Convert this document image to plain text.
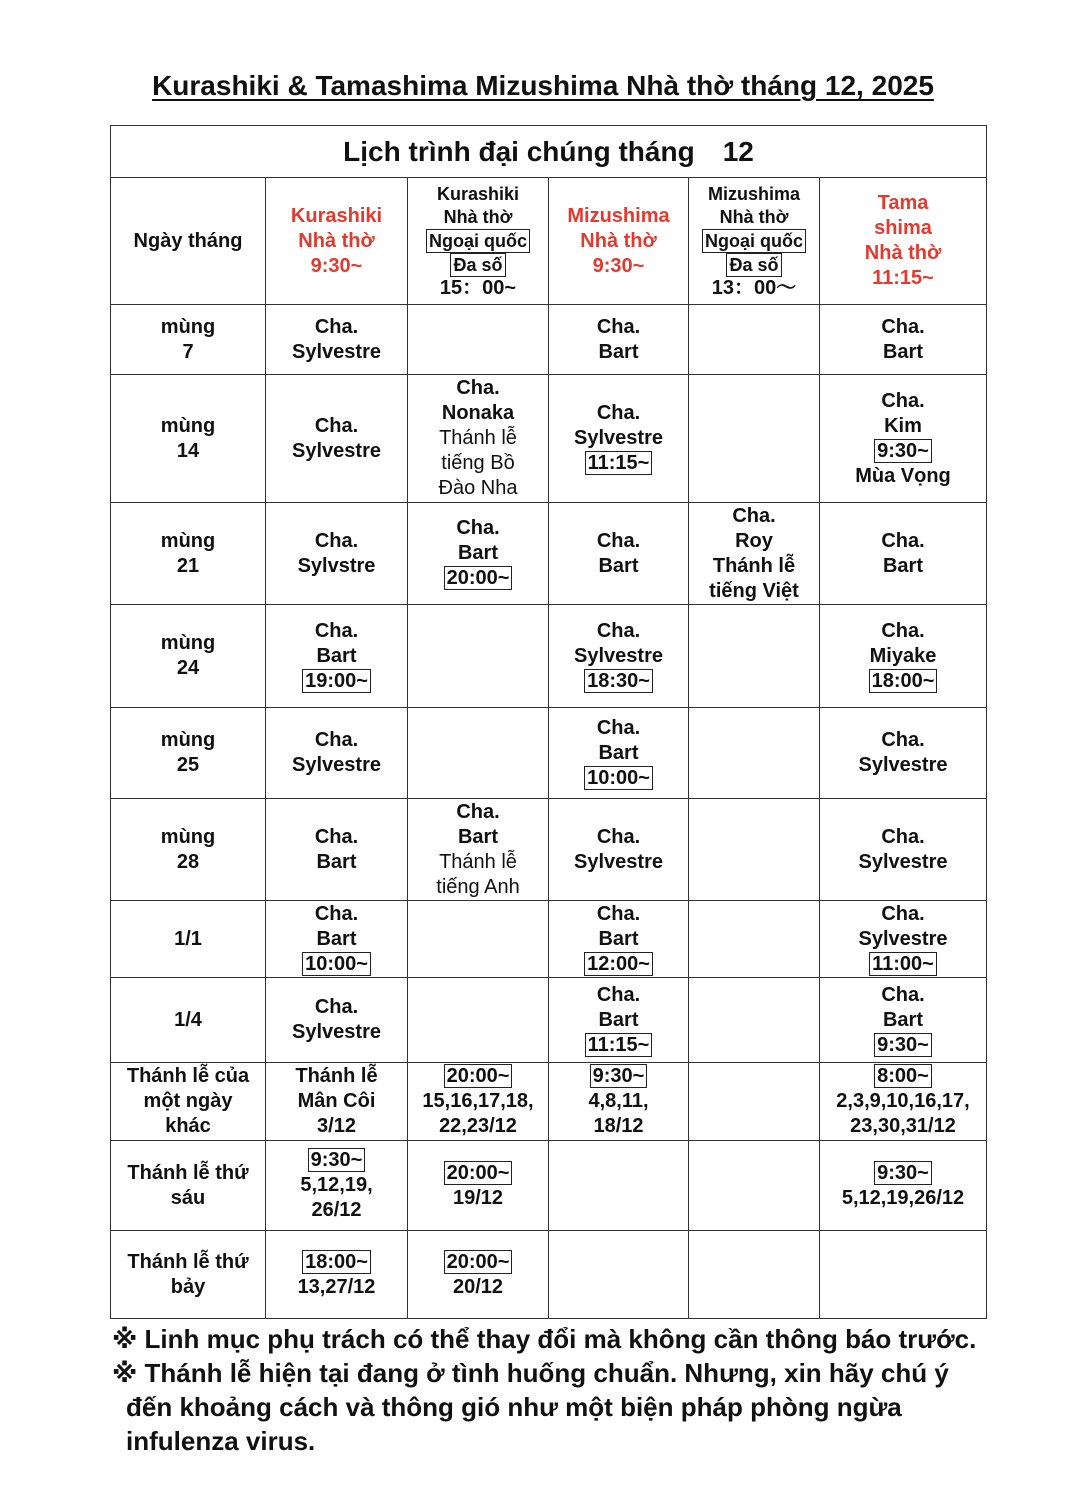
Kurashiki & Tamashima Mizushima Nhà thờ tháng 12, 2025
Lịch trình đại chúng tháng　12					
Ngày tháng	Kurashiki
Nhà thờ
9:30~	Kurashiki
Nhà thờ
Ngoại quốc
Đa số
15：00~	Mizushima
Nhà thờ
9:30~	Mizushima
Nhà thờ
Ngoại quốc
Đa số
13：00～	Tama
shima
Nhà thờ
11:15~

mùng
7	Cha.
Sylvestre		Cha.
Bart		Cha.
Bart

mùng
14	Cha.
Sylvestre	Cha.
Nonaka
Thánh lễ
tiếng Bồ
Đào Nha	Cha.
Sylvestre
11:15~		Cha.
Kim
9:30~
Mùa Vọng

mùng
21	Cha.
Sylvstre	Cha.
Bart
20:00~	Cha.
Bart	Cha.
Roy
Thánh lễ
tiếng Việt	Cha.
Bart

mùng
24	Cha.
Bart
19:00~		Cha.
Sylvestre
18:30~		Cha.
Miyake
18:00~

mùng
25	Cha.
Sylvestre		Cha.
Bart
10:00~		Cha.
Sylvestre

mùng
28	Cha.
Bart	Cha.
Bart
Thánh lễ
tiếng Anh	Cha.
Sylvestre		Cha.
Sylvestre

1/1	Cha.
Bart
10:00~		Cha.
Bart
12:00~		Cha.
Sylvestre
11:00~

1/4	Cha.
Sylvestre		Cha.
Bart
11:15~		Cha.
Bart
9:30~

Thánh lễ của
một ngày
khác	Thánh lễ
Mân Côi
3/12	20:00~
15,16,17,18,
22,23/12	9:30~
4,8,11,
18/12		8:00~
2,3,9,10,16,17,
23,30,31/12

Thánh lễ thứ
sáu	9:30~
5,12,19,
26/12	20:00~
19/12			9:30~
5,12,19,26/12

Thánh lễ thứ
bảy	18:00~
13,27/12	20:00~
20/12			

※ Linh mục phụ trách có thể thay đổi mà không cần thông báo trước.
※ Thánh lễ hiện tại đang ở tình huống chuẩn. Nhưng, xin hãy chú ý
đến khoảng cách và thông gió như một biện pháp phòng ngừa
infulenza virus.
